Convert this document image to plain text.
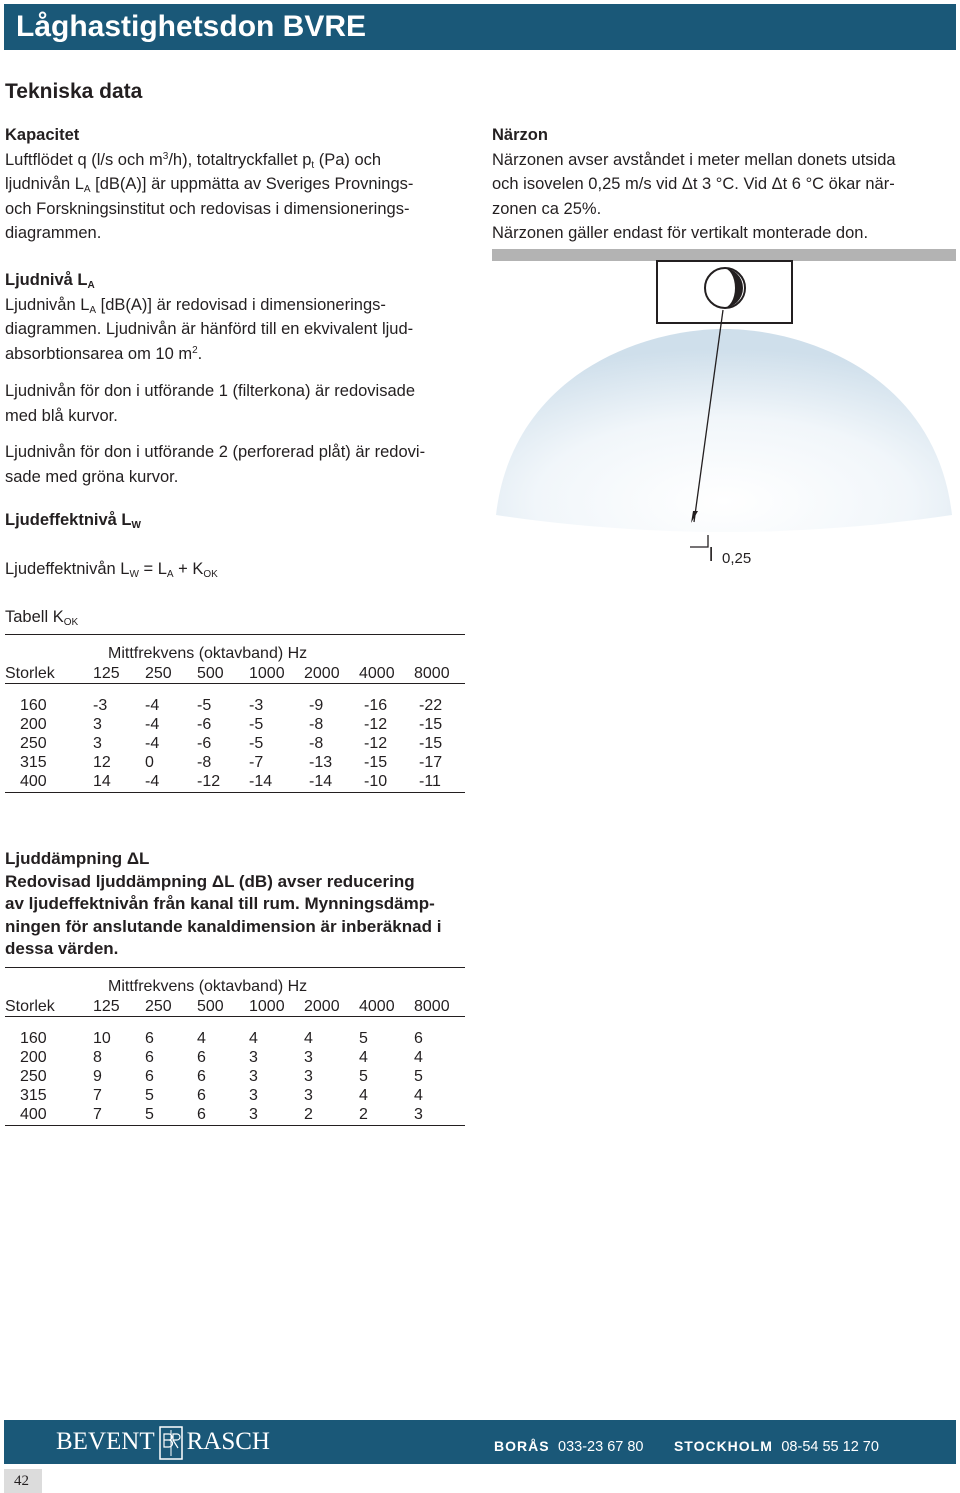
Låghastighetsdon BVRE
Tekniska data
Kapacitet
Luftflödet q (l/s och $m^3/h$), totaltryckfallet $p_t$ (Pa) och
ljudnivån $L_A$ [dB(A)] är uppmätta av Sveriges Provnings-
och Forskningsinstitut och redovisas i dimensionerings-
diagrammen.
Ljudnivå $L_A$
Ljudnivån $L_A$ [dB(A)] är redovisad i dimensionerings-
diagrammen. Ljudnivån är hänförd till en ekvivalent ljud-
absorbtionsarea om 10 $m^2$.
Ljudnivån för don i utförande 1 (filterkona) är redovisade
med blå kurvor.
Ljudnivån för don i utförande 2 (perforerad plåt) är redovi-
sade med gröna kurvor.
Ljudeffektnivå $L_W$
Ljudeffektnivån $L_W = L_A + K_{OK}$
Närzon
Närzonen avser avståndet i meter mellan donets utsida
och isovelen 0,25 m/s vid Δt 3 °C. Vid Δt 6 °C ökar när-
zonen ca 25%.
Närzonen gäller endast för vertikalt monterade don.
l 0,25
Tabell $K_{OK}$

	Mittfrekvens (oktavband) Hz						
Storlek	125	250	500	1000	2000	4000	8000

160	-3	-4	-5	-3	-9	-16	-22
200	3	-4	-6	-5	-8	-12	-15
250	3	-4	-6	-5	-8	-12	-15
315	12	0	-8	-7	-13	-15	-17
400	14	-4	-12	-14	-14	-10	-11
Ljuddämpning ΔL
Redovisad ljuddämpning ΔL (dB) avser reducering
av ljudeffektnivån från kanal till rum. Mynningsdämp-
ningen för anslutande kanaldimension är inberäknad i
dessa värden.

	Mittfrekvens (oktavband) Hz						
Storlek	125	250	500	1000	2000	4000	8000

160	10	6	4	4	4	5	6
200	8	6	6	3	3	4	4
250	9	6	6	3	3	5	5
315	7	5	6	3	3	4	4
400	7	5	6	3	2	2	3
BEVENT RASCH	BORÅS 033-23 67 80 STOCKHOLM 08-54 55 12 70
42
